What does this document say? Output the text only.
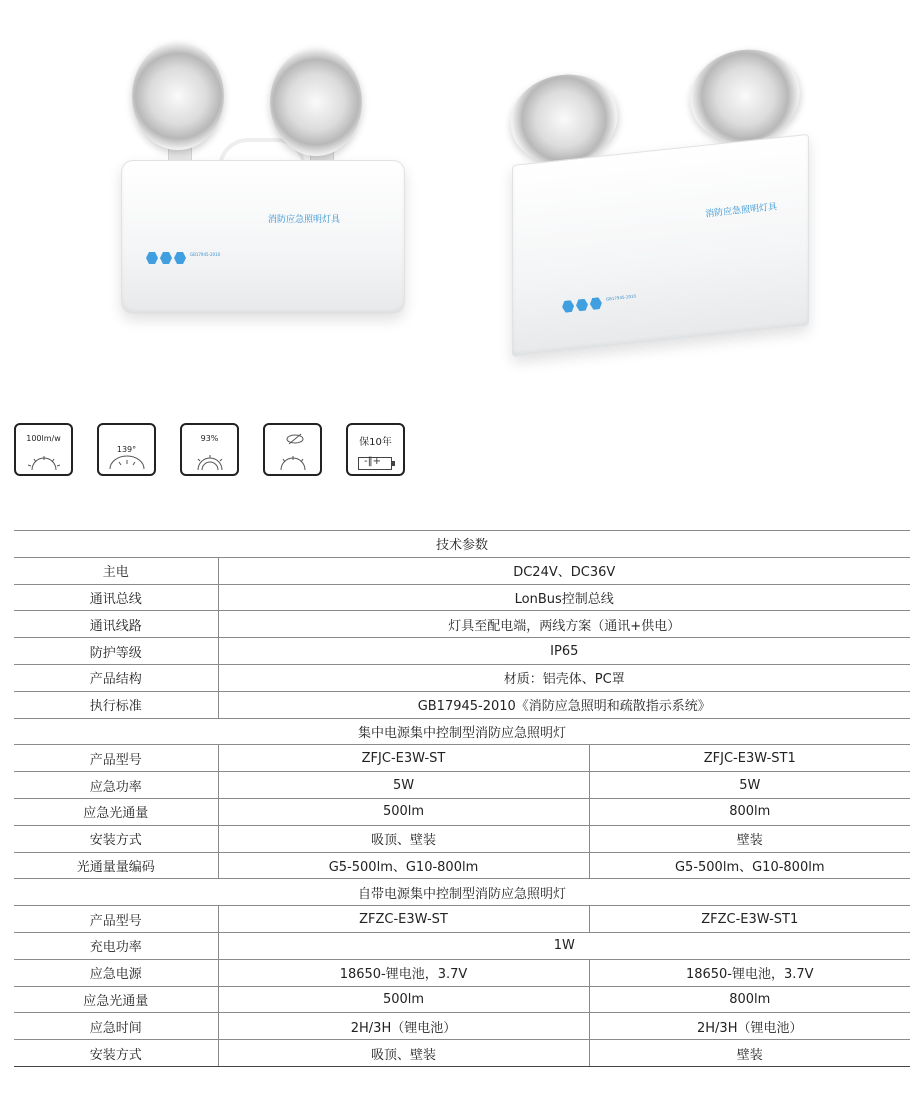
消防应急照明灯具
GB17945-2010
消防应急照明灯具
GB17945-2010
100lm/w
139°
93%	保10年
-‖+
技术参数		
主电	DC24V、DC36V	
通讯总线	LonBus控制总线	
通讯线路	灯具至配电端，两线方案（通讯+供电）	
防护等级	IP65	
产品结构	材质：铝壳体、PC罩	
执行标准	GB17945-2010《消防应急照明和疏散指示系统》	
集中电源集中控制型消防应急照明灯		
产品型号	ZFJC-E3W-ST	ZFJC-E3W-ST1
应急功率	5W	5W
应急光通量	500lm	800lm
安装方式	吸顶、壁装	壁装
光通量量编码	G5-500lm、G10-800lm	G5-500lm、G10-800lm
自带电源集中控制型消防应急照明灯		
产品型号	ZFZC-E3W-ST	ZFZC-E3W-ST1
充电功率	1W	
应急电源	18650-锂电池，3.7V	18650-锂电池，3.7V
应急光通量	500lm	800lm
应急时间	2H/3H（锂电池）	2H/3H（锂电池）
安装方式	吸顶、壁装	壁装
